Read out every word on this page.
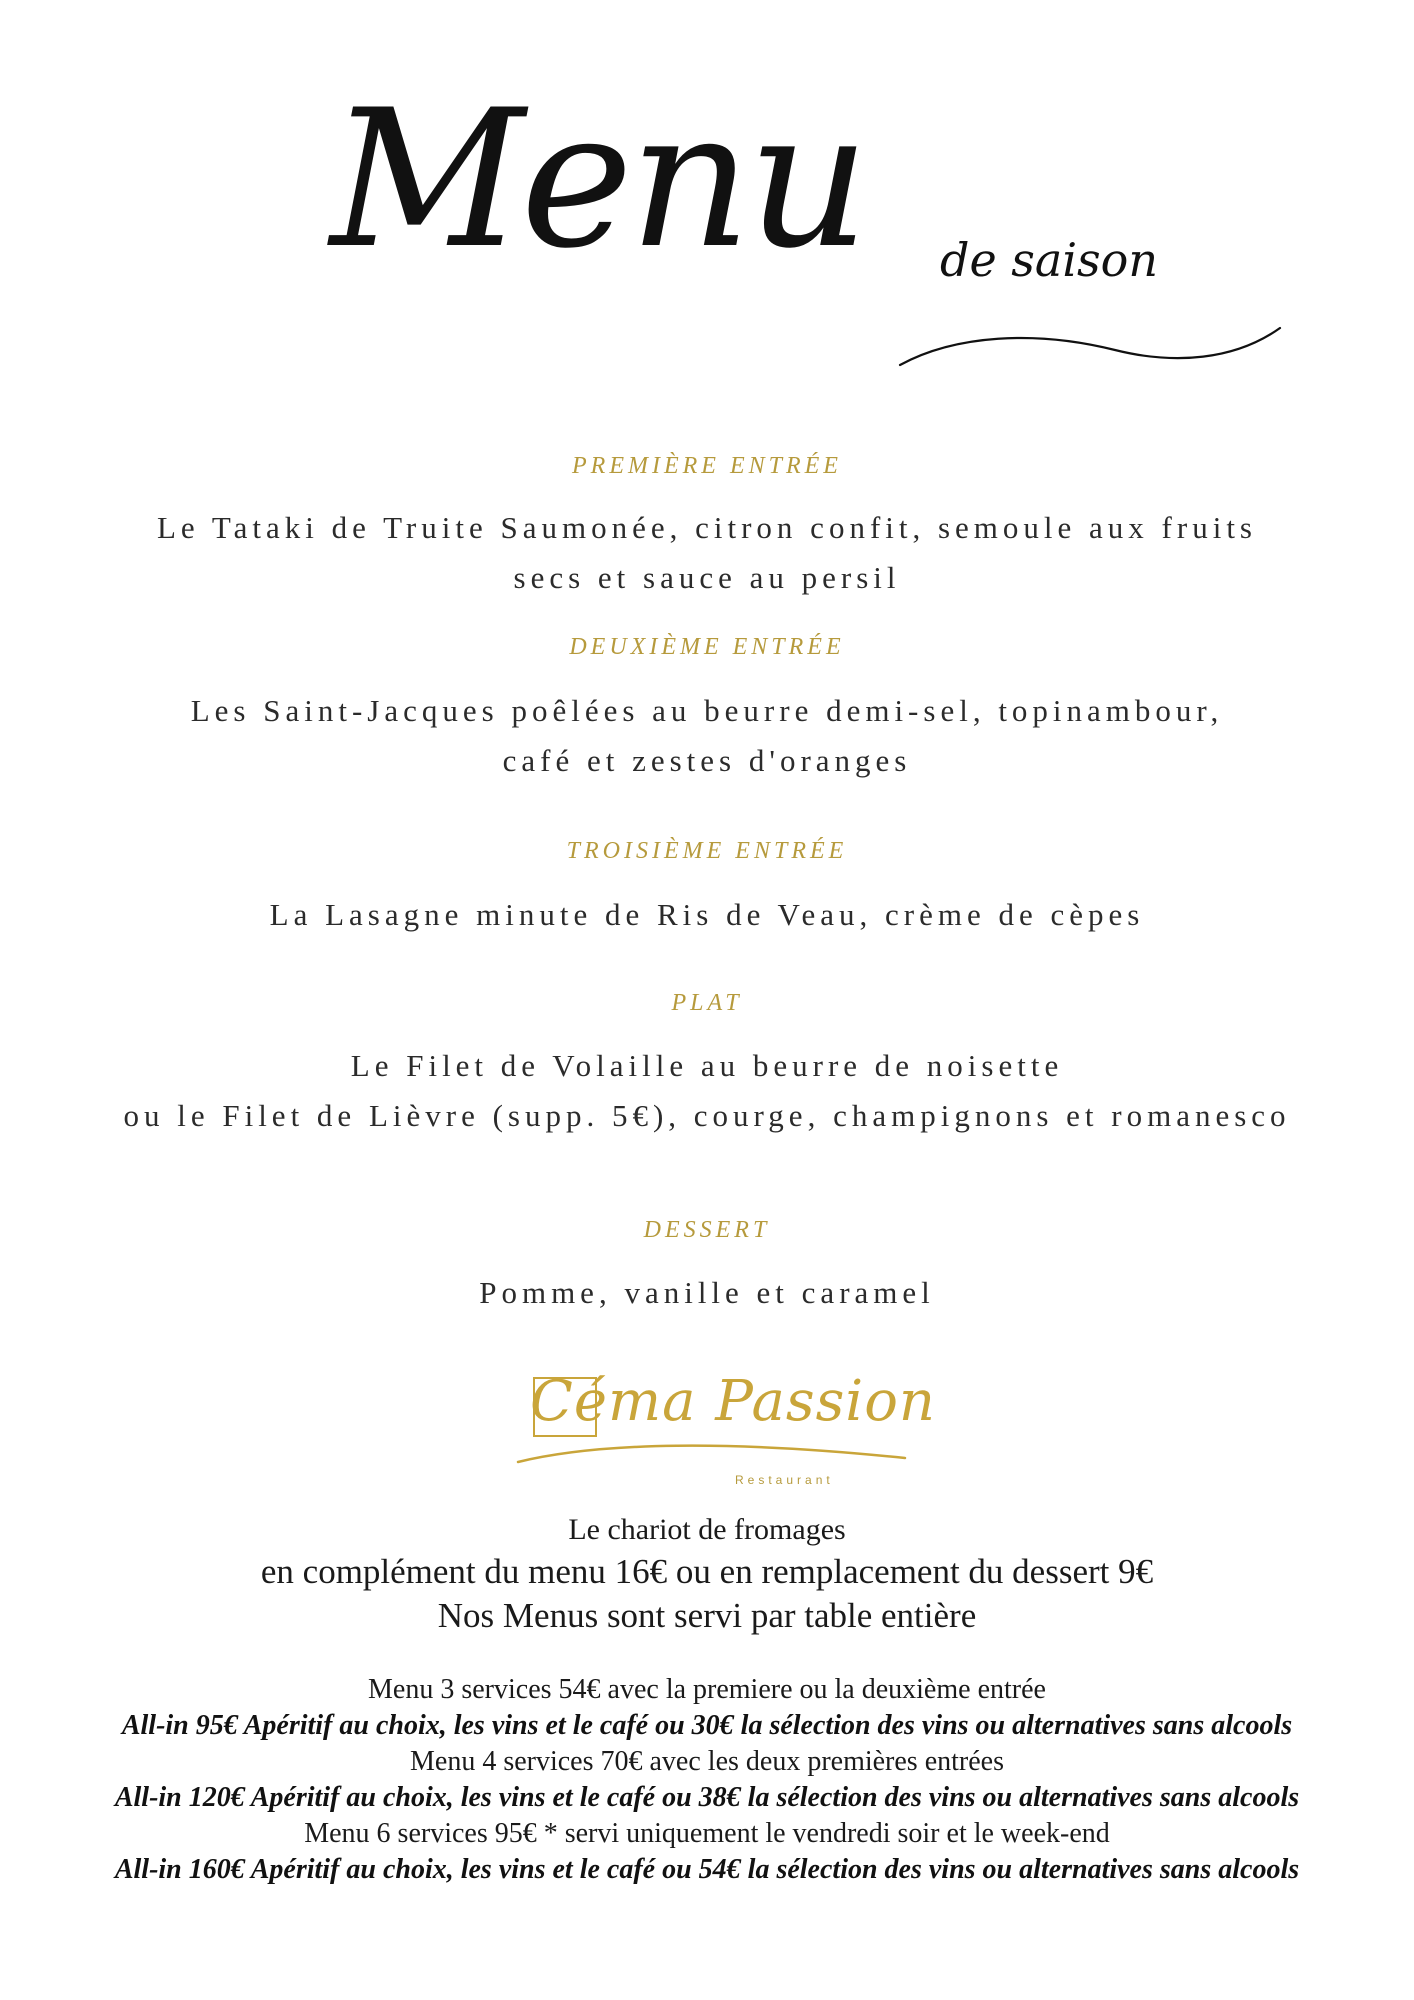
Menu	de saison
PREMIÈRE ENTRÉE
Le Tataki de Truite Saumonée, citron confit, semoule aux fruits
secs et sauce au persil
DEUXIÈME ENTRÉE
Les Saint-Jacques poêlées au beurre demi-sel, topinambour,
café et zestes d'oranges
TROISIÈME ENTRÉE
La Lasagne minute de Ris de Veau, crème de cèpes
PLAT
Le Filet de Volaille au beurre de noisette
ou le Filet de Lièvre (supp. 5€), courge, champignons et romanesco
DESSERT
Pomme, vanille et caramel
Céma Passion
Restaurant
Le chariot de fromages
en complément du menu 16€ ou en remplacement du dessert 9€
Nos Menus sont servi par table entière
Menu 3 services 54€ avec la premiere ou la deuxième entrée
All-in 95€ Apéritif au choix, les vins et le café ou 30€ la sélection des vins ou alternatives sans alcools
Menu 4 services 70€ avec les deux premières entrées
All-in 120€ Apéritif au choix, les vins et le café ou 38€ la sélection des vins ou alternatives sans alcools
Menu 6 services 95€ * servi uniquement le vendredi soir et le week-end
All-in 160€ Apéritif au choix, les vins et le café ou 54€ la sélection des vins ou alternatives sans alcools
